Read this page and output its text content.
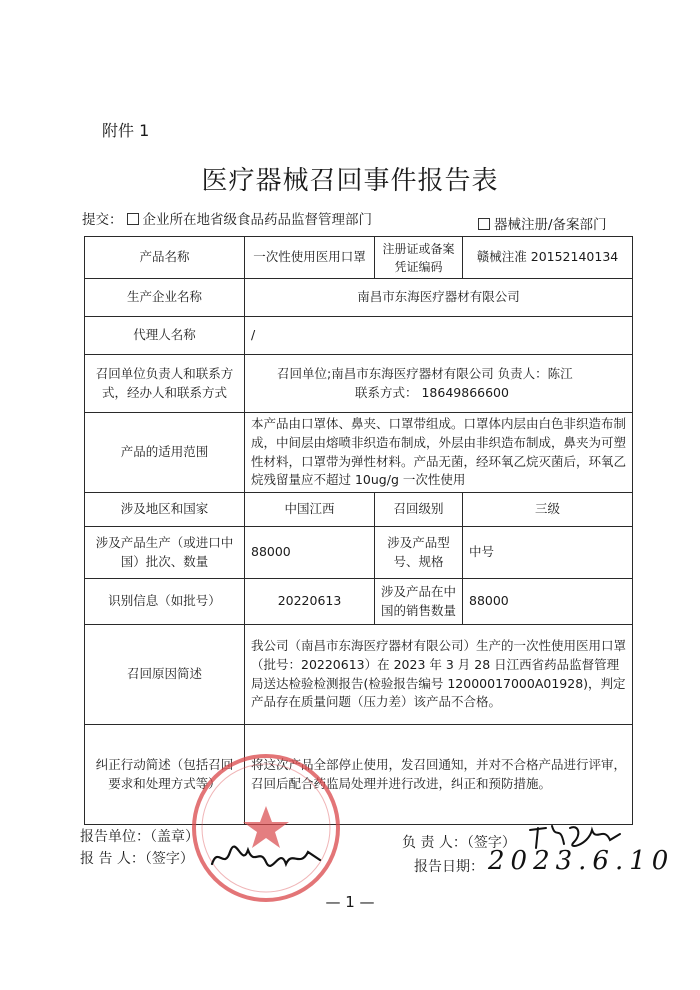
附件 1
医疗器械召回事件报告表
提交： 企业所在地省级食品药品监督管理部门	器械注册/备案部门
产品名称	一次性使用医用口罩	注册证或备案凭证编码	赣械注准 20152140134
生产企业名称	南昌市东海医疗器材有限公司		
代理人名称	/		
召回单位负责人和联系方式，经办人和联系方式	召回单位;南昌市东海医疗器材有限公司 负责人：陈江
联系方式： 18649866600		

产品的适用范围	本产品由口罩体、鼻夹、口罩带组成。口罩体内层由白色非织造布制成，中间层由熔喷非织造布制成，外层由非织造布制成，鼻夹为可塑性材料，口罩带为弹性材料。产品无菌，经环氧乙烷灭菌后，环氧乙烷残留量应不超过 10ug/g 一次性使用		
涉及地区和国家	中国江西	召回级别	三级
涉及产品生产（或进口中国）批次、数量	88000	涉及产品型号、规格	中号
识别信息（如批号）	20220613	涉及产品在中国的销售数量	88000
召回原因简述	我公司（南昌市东海医疗器材有限公司）生产的一次性使用医用口罩（批号：20220613）在 2023 年 3 月 28 日江西省药品监督管理局送达检验检测报告(检验报告编号 12000017000A01928)，判定产品存在质量问题（压力差）该产品不合格。		
纠正行动简述（包括召回要求和处理方式等）	将这次产品全部停止使用，发召回通知，并对不合格产品进行评审，召回后配合药监局处理并进行改进，纠正和预防措施。		
报告单位：（盖章）
报 告 人：（签字）
负 责 人：（签字）
报告日期： 2023.6.10
— 1 —
